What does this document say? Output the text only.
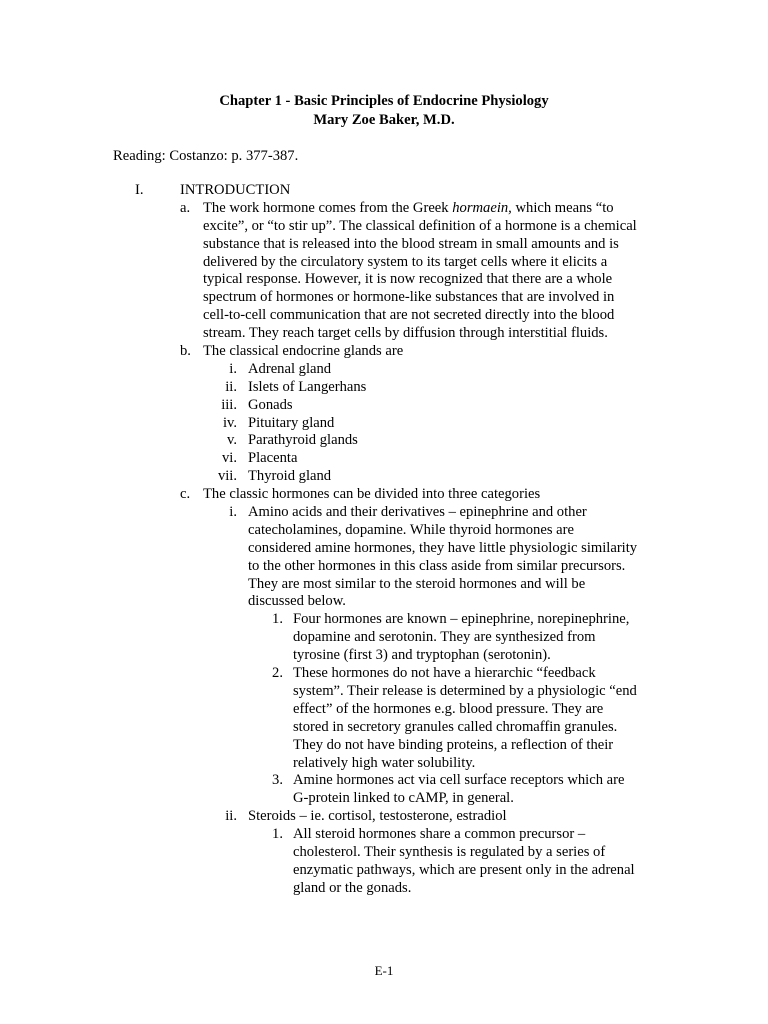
Chapter 1 - Basic Principles of Endocrine Physiology
Mary Zoe Baker, M.D.
Reading: Costanzo: p. 377-387.
I. INTRODUCTION
a. The work hormone comes from the Greek hormaein, which means “to
excite”, or “to stir up”. The classical definition of a hormone is a chemical
substance that is released into the blood stream in small amounts and is
delivered by the circulatory system to its target cells where it elicits a
typical response. However, it is now recognized that there are a whole
spectrum of hormones or hormone-like substances that are involved in
cell-to-cell communication that are not secreted directly into the blood
stream. They reach target cells by diffusion through interstitial fluids.
b. The classical endocrine glands are
i. Adrenal gland
ii. Islets of Langerhans
iii. Gonads
iv. Pituitary gland
v. Parathyroid glands
vi. Placenta
vii. Thyroid gland
c. The classic hormones can be divided into three categories
i. Amino acids and their derivatives – epinephrine and other
catecholamines, dopamine. While thyroid hormones are
considered amine hormones, they have little physiologic similarity
to the other hormones in this class aside from similar precursors.
They are most similar to the steroid hormones and will be
discussed below.
1. Four hormones are known – epinephrine, norepinephrine,
dopamine and serotonin. They are synthesized from
tyrosine (first 3) and tryptophan (serotonin).
2. These hormones do not have a hierarchic “feedback
system”. Their release is determined by a physiologic “end
effect” of the hormones e.g. blood pressure. They are
stored in secretory granules called chromaffin granules.
They do not have binding proteins, a reflection of their
relatively high water solubility.
3. Amine hormones act via cell surface receptors which are
G-protein linked to cAMP, in general.
ii. Steroids – ie. cortisol, testosterone, estradiol
1. All steroid hormones share a common precursor –
cholesterol. Their synthesis is regulated by a series of
enzymatic pathways, which are present only in the adrenal
gland or the gonads.
E-1
